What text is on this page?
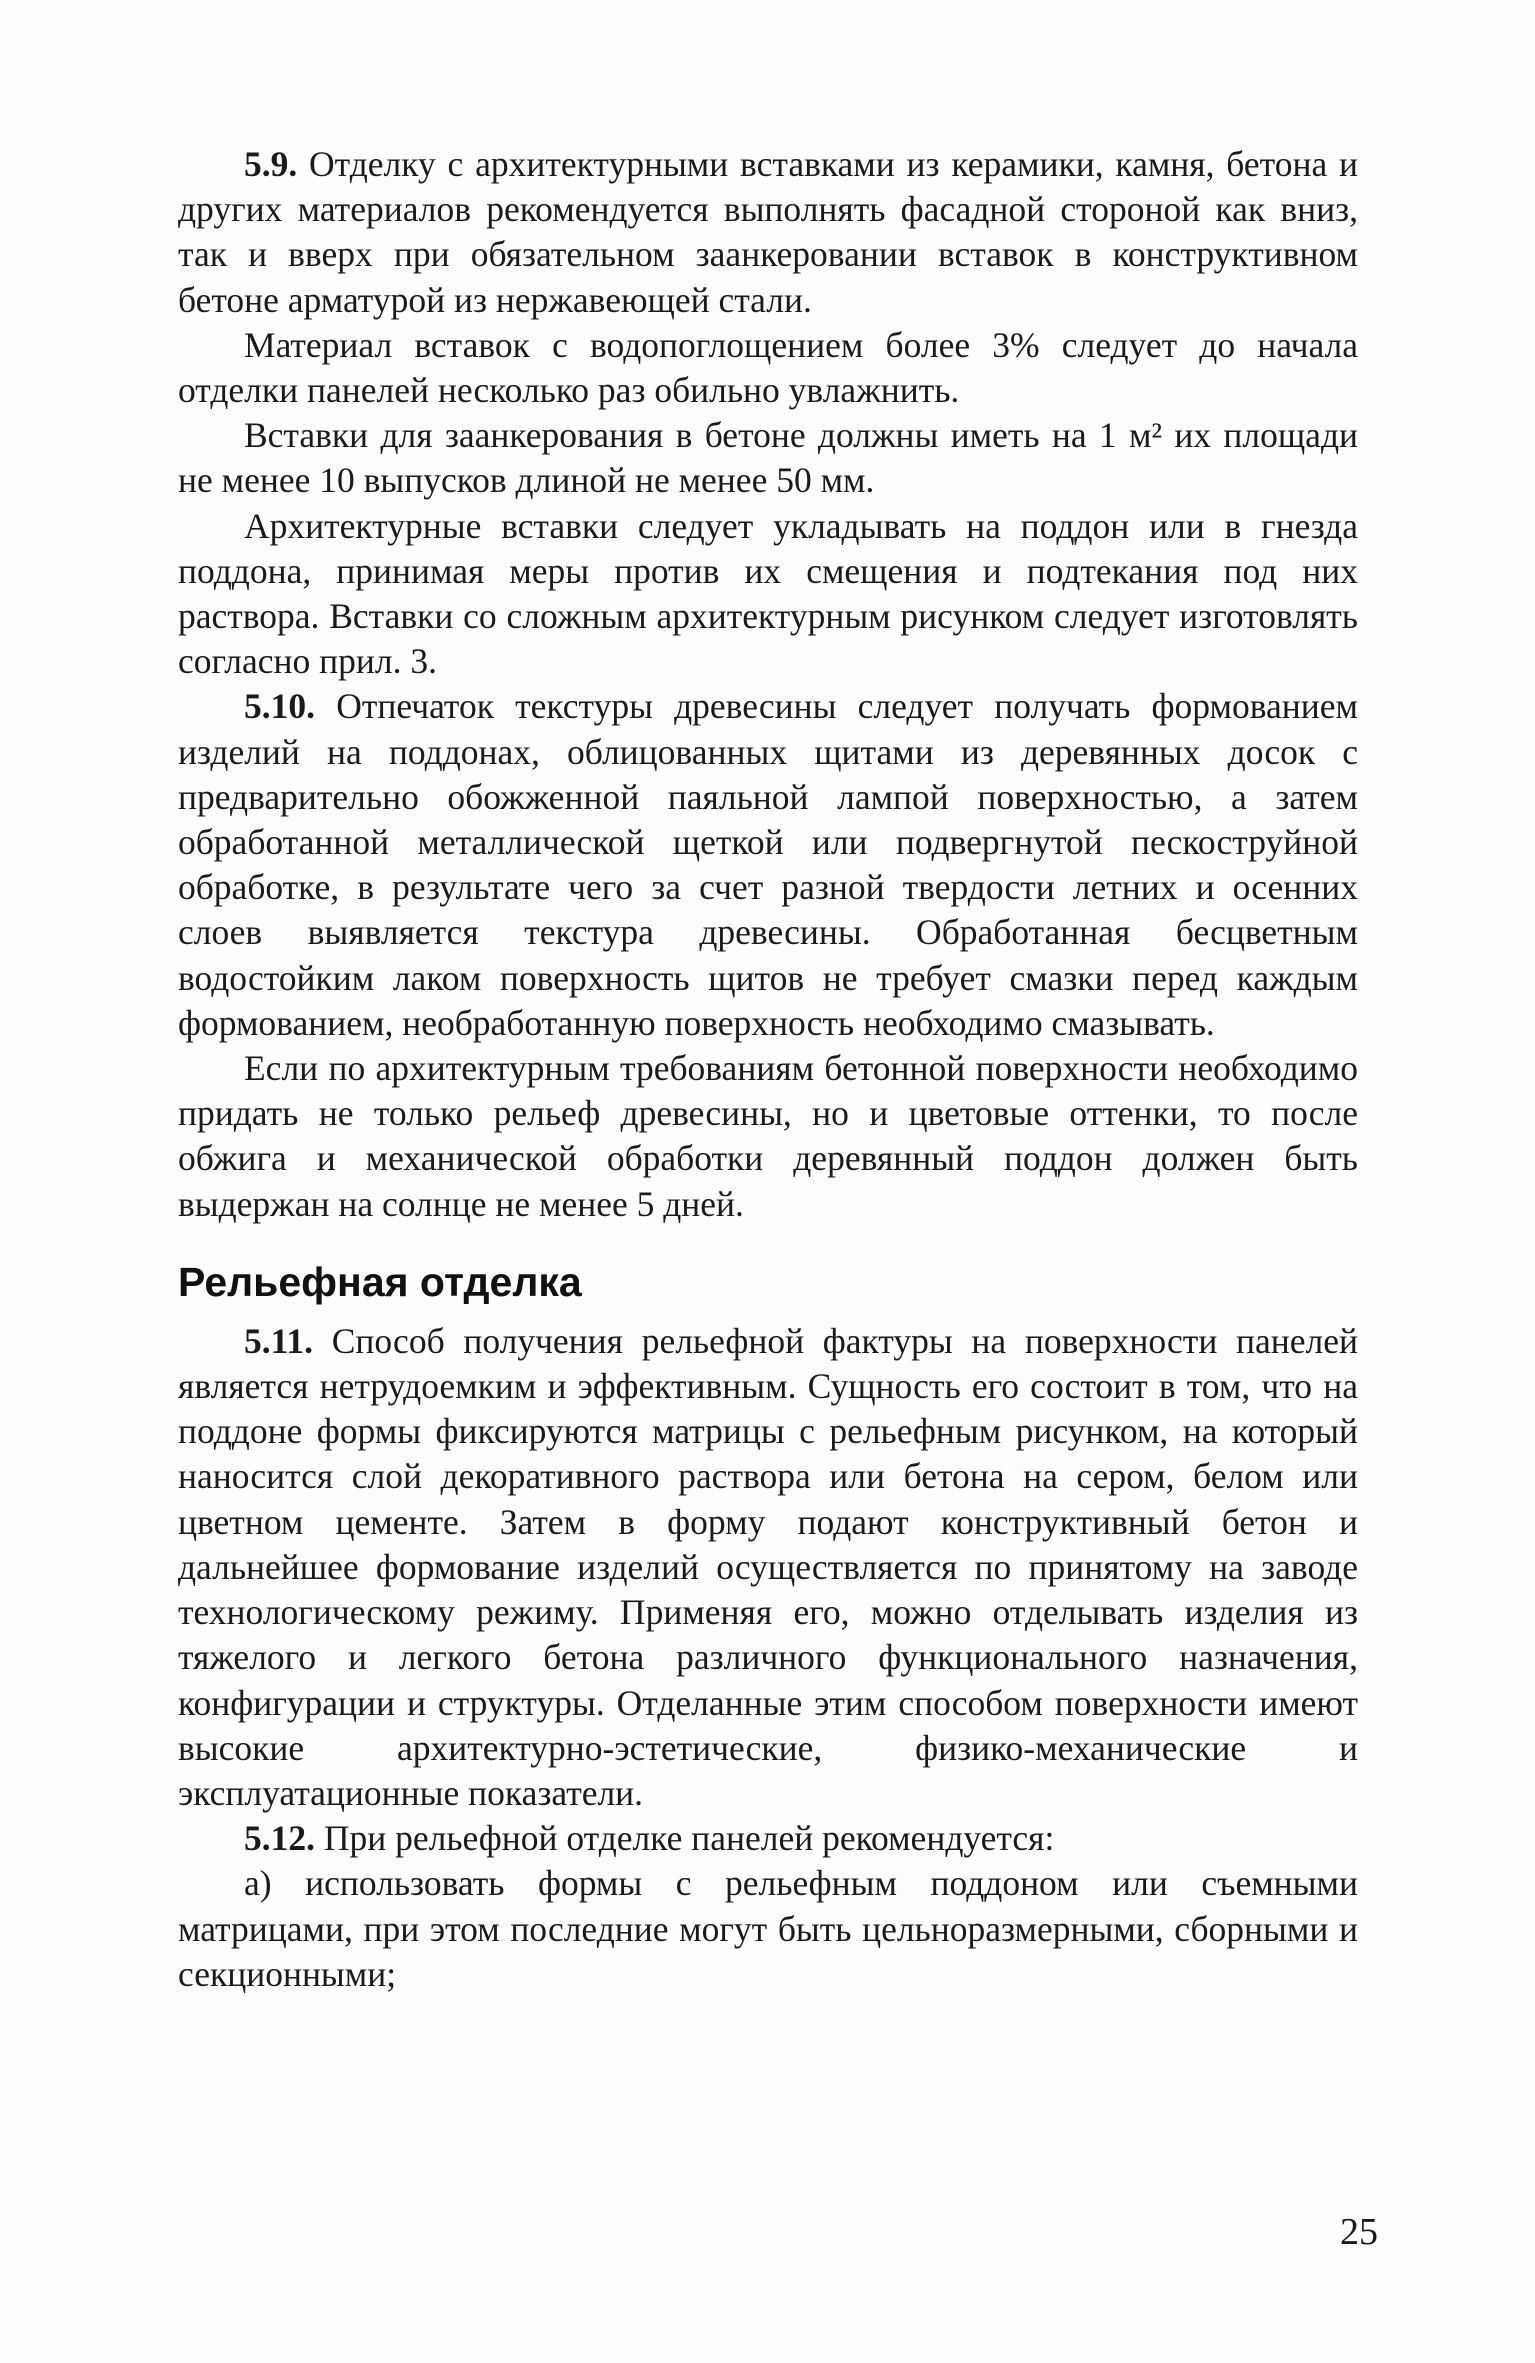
5.9. Отделку с архитектурными вставками из керамики, камня, бетона и других материалов рекомендуется выполнять фасадной стороной как вниз, так и вверх при обязательном заанкеровании вставок в конструктивном бетоне арматурой из нержавеющей стали.

Материал вставок с водопоглощением более 3% следует до начала отделки панелей несколько раз обильно увлажнить.

Вставки для заанкерования в бетоне должны иметь на 1 м² их площади не менее 10 выпусков длиной не менее 50 мм.

Архитектурные вставки следует укладывать на поддон или в гнезда поддона, принимая меры против их смещения и подтекания под них раствора. Вставки со сложным архитектурным рисунком следует изготовлять согласно прил. 3.

5.10. Отпечаток текстуры древесины следует получать формованием изделий на поддонах, облицованных щитами из деревянных досок с предварительно обожженной паяльной лампой поверхностью, а затем обработанной металлической щеткой или подвергнутой пескоструйной обработке, в результате чего за счет разной твердости летних и осенних слоев выявляется текстура древесины. Обработанная бесцветным водостойким лаком поверхность щитов не требует смазки перед каждым формованием, необработанную поверхность необходимо смазывать.

Если по архитектурным требованиям бетонной поверхности необходимо придать не только рельеф древесины, но и цветовые оттенки, то после обжига и механической обработки деревянный поддон должен быть выдержан на солнце не менее 5 дней.

Рельефная отделка

5.11. Способ получения рельефной фактуры на поверхности панелей является нетрудоемким и эффективным. Сущность его состоит в том, что на поддоне формы фиксируются матрицы с рельефным рисунком, на который наносится слой декоративного раствора или бетона на сером, белом или цветном цементе. Затем в форму подают конструктивный бетон и дальнейшее формование изделий осуществляется по принятому на заводе технологическому режиму. Применяя его, можно отделывать изделия из тяжелого и легкого бетона различного функционального назначения, конфигурации и структуры. Отделанные этим способом поверхности имеют высокие архитектурно-эстетические, физико-механические и эксплуатационные показатели.

5.12. При рельефной отделке панелей рекомендуется:

а) использовать формы с рельефным поддоном или съемными матрицами, при этом последние могут быть цельноразмерными, сборными и секционными;

25
